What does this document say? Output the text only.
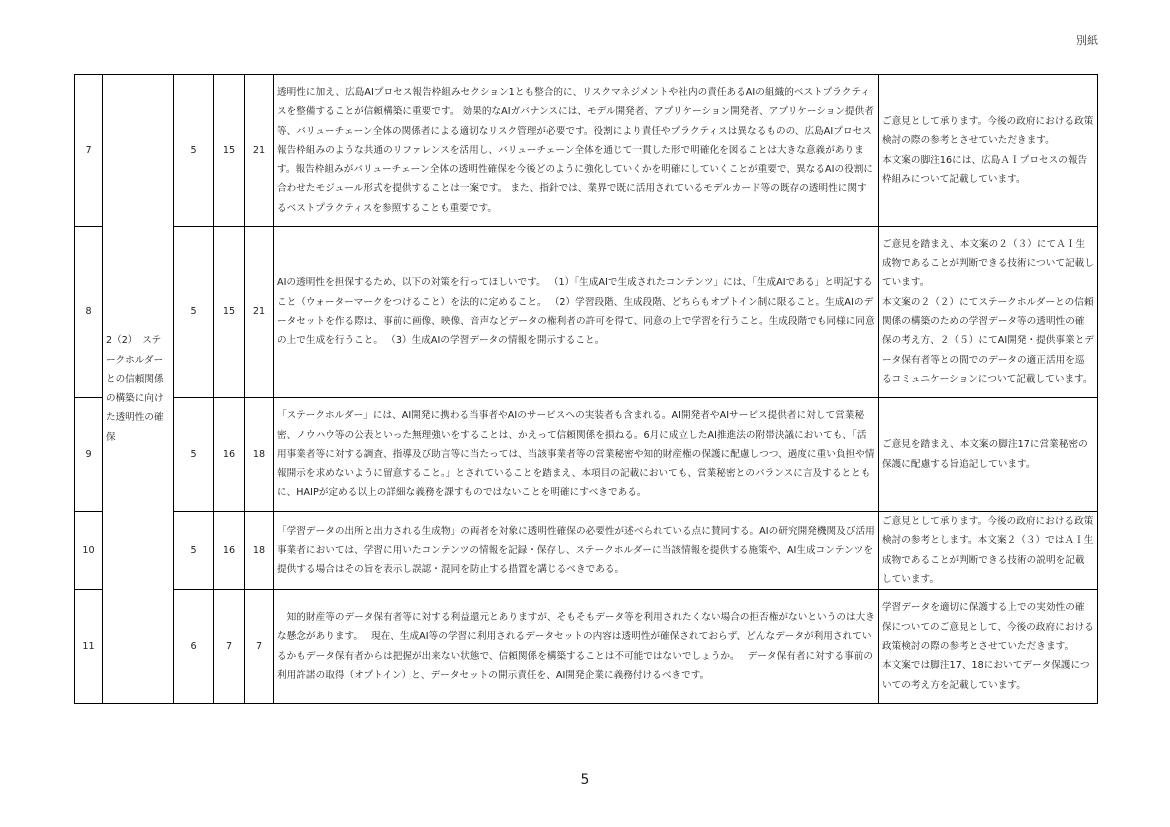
別紙
7	2（2）　ステークホルダーとの信頼関係の構築に向けた透明性の確保	5	15	21	透明性に加え、広島AIプロセス報告枠組みセクション1とも整合的に、リスクマネジメントや社内の責任あるAIの組織的ベストプラクティスを整備することが信頼構築に重要です。 効果的なAIガバナンスには、モデル開発者、アプリケーション開発者、アプリケーション提供者等、バリューチェーン全体の関係者による適切なリスク管理が必要です。役割により責任やプラクティスは異なるものの、広島AIプロセス報告枠組みのような共通のリファレンスを活用し、バリューチェーン全体を通じて一貫した形で明確化を図ることは大きな意義があります。報告枠組みがバリューチェーン全体の透明性確保を今後どのように強化していくかを明確にしていくことが重要で、異なるAIの役割に合わせたモジュール形式を提供することは一案です。 また、指針では、業界で既に活用されているモデルカード等の既存の透明性に関するベストプラクティスを参照することも重要です。	ご意見として承ります。今後の政府における政策検討の際の参考とさせていただきます。
本文案の脚注16には、広島ＡＩプロセスの報告枠組みについて記載しています。
8		5	15	21	AIの透明性を担保するため、以下の対策を行ってほしいです。 （1）「生成AIで生成されたコンテンツ」には、「生成AIである」と明記すること（ウォーターマークをつけること）を法的に定めること。 （2）学習段階、生成段階、どちらもオプトイン制に限ること。生成AIのデータセットを作る際は、事前に画像、映像、音声などデータの権利者の許可を得て、同意の上で学習を行うこと。生成段階でも同様に同意の上で生成を行うこと。 （3）生成AIの学習データの情報を開示すること。	ご意見を踏まえ、本文案の２（３）にてＡＩ生成物であることが判断できる技術について記載しています。
本文案の２（２）にてステークホルダーとの信頼関係の構築のための学習データ等の透明性の確保の考え方、２（５）にてAI開発・提供事業とデータ保有者等との間でのデータの適正活用を巡るコミュニケーションについて記載しています。
9		5	16	18	「ステークホルダー」には、AI開発に携わる当事者やAIのサービスへの実装者も含まれる。AI開発者やAIサービス提供者に対して営業秘密、ノウハウ等の公表といった無理強いをすることは、かえって信頼関係を損ねる。6月に成立したAI推進法の附帯決議においても、「活用事業者等に対する調査、指導及び助言等に当たっては、当該事業者等の営業秘密や知的財産権の保護に配慮しつつ、過度に重い負担や情報開示を求めないように留意すること。」とされていることを踏まえ、本項目の記載においても、営業秘密とのバランスに言及するとともに、HAIPが定める以上の詳細な義務を課すものではないことを明確にすべきである。	ご意見を踏まえ、本文案の脚注17に営業秘密の保護に配慮する旨追記しています。
10		5	16	18	「学習データの出所と出力される生成物」の両者を対象に透明性確保の必要性が述べられている点に賛同する。AIの研究開発機関及び活用事業者においては、学習に用いたコンテンツの情報を記録・保存し、ステークホルダーに当該情報を提供する施策や、AI生成コンテンツを提供する場合はその旨を表示し誤認・混同を防止する措置を講じるべきである。	ご意見として承ります。今後の政府における政策検討の参考とします。本文案２（３）ではＡＩ生成物であることが判断できる技術の説明を記載しています。
11		6	7	7	　知的財産等のデータ保有者等に対する利益還元とありますが、そもそもデータ等を利用されたくない場合の拒否権がないというのは大きな懸念があります。　 現在、生成AI等の学習に利用されるデータセットの内容は透明性が確保されておらず、どんなデータが利用されているかもデータ保有者からは把握が出来ない状態で、信頼関係を構築することは不可能ではないでしょうか。　 データ保有者に対する事前の利用許諾の取得（オプトイン）と、データセットの開示責任を、AI開発企業に義務付けるべきです。	学習データを適切に保護する上での実効性の確保についてのご意見として、今後の政府における政策検討の際の参考とさせていただきます。
本文案では脚注17、18においてデータ保護についての考え方を記載しています。
5
